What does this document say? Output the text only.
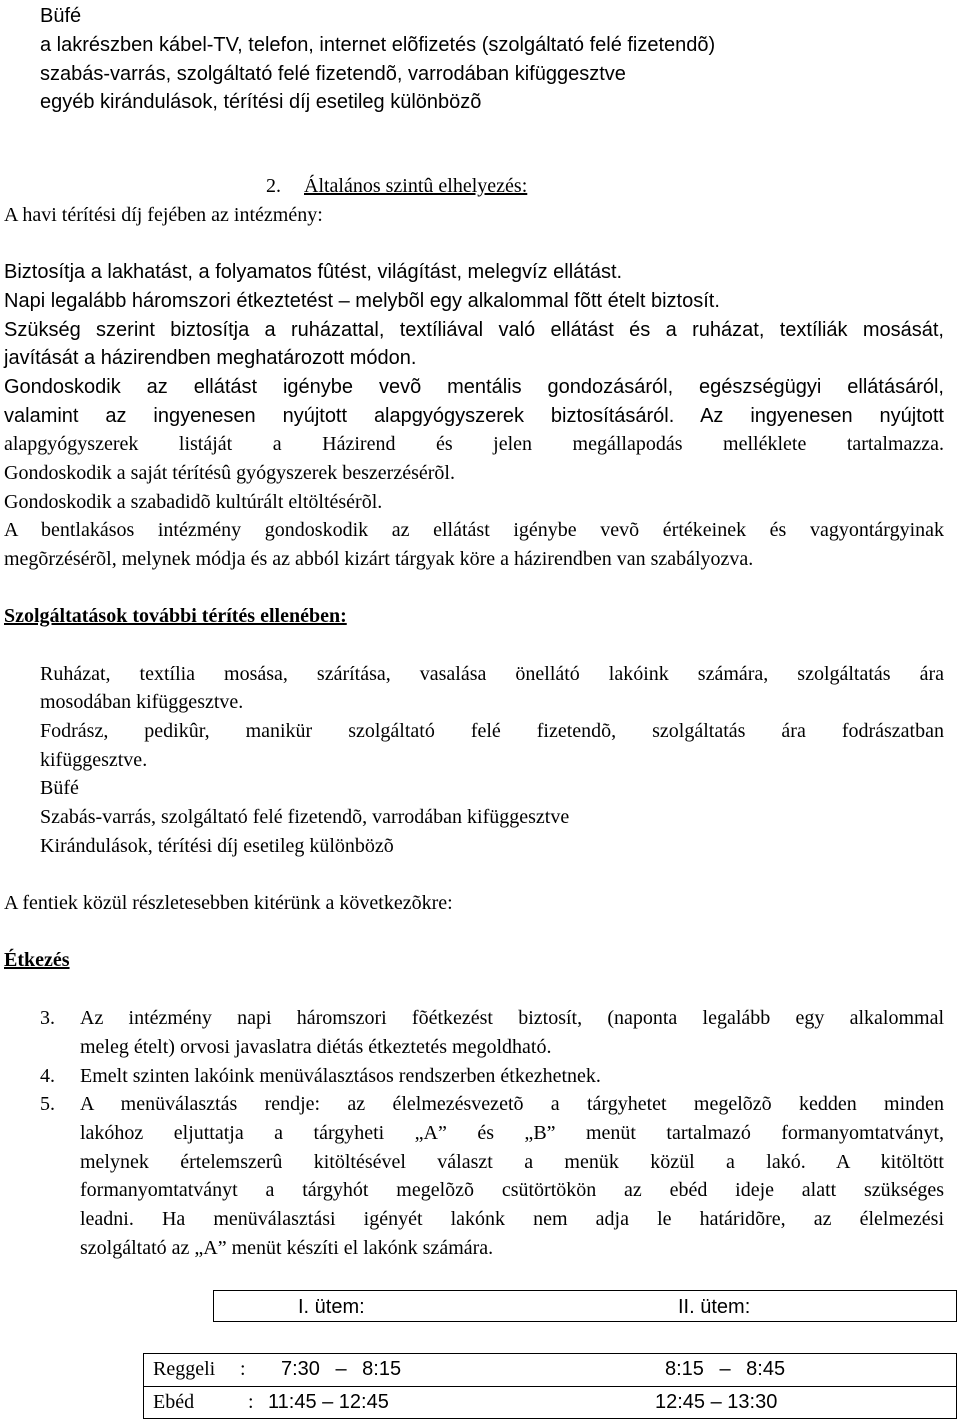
Büfé
a lakrészben kábel-TV, telefon, internet elõfizetés (szolgáltató felé fizetendõ)
szabás-varrás, szolgáltató felé fizetendõ, varrodában kifüggesztve
egyéb kirándulások, térítési díj esetileg különbözõ
2. Általános szintû elhelyezés:
A havi térítési díj fejében az intézmény:
Biztosítja a lakhatást, a folyamatos fûtést, világítást, melegvíz ellátást.
Napi legalább háromszori étkeztetést – melybõl egy alkalommal fõtt ételt biztosít.
Szükség szerint biztosítja a ruházattal, textíliával való ellátást és a ruházat, textíliák mosását,
javítását a házirendben meghatározott módon.
Gondoskodik az ellátást igénybe vevõ mentális gondozásáról, egészségügyi ellátásáról,
valamint az ingyenesen nyújtott alapgyógyszerek biztosításáról. Az ingyenesen nyújtott
alapgyógyszerek listáját a Házirend és jelen megállapodás melléklete tartalmazza.
Gondoskodik a saját térítésû gyógyszerek beszerzésérõl.
Gondoskodik a szabadidõ kultúrált eltöltésérõl.
A bentlakásos intézmény gondoskodik az ellátást igénybe vevõ értékeinek és vagyontárgyinak
megõrzésérõl, melynek módja és az abból kizárt tárgyak köre a házirendben van szabályozva.
Szolgáltatások további térítés ellenében:
Ruházat, textília mosása, szárítása, vasalása önellátó lakóink számára, szolgáltatás ára
mosodában kifüggesztve.
Fodrász, pedikûr, manikür szolgáltató felé fizetendõ, szolgáltatás ára fodrászatban
kifüggesztve.
Büfé
Szabás-varrás, szolgáltató felé fizetendõ, varrodában kifüggesztve
Kirándulások, térítési díj esetileg különbözõ
A fentiek közül részletesebben kitérünk a következõkre:
Étkezés
3. Az intézmény napi háromszori fõétkezést biztosít, (naponta legalább egy alkalommal
meleg ételt) orvosi javaslatra diétás étkeztetés megoldható.
4. Emelt szinten lakóink menüválasztásos rendszerben étkezhetnek.
5. A menüválasztás rendje: az élelmezésvezetõ a tárgyhetet megelõzõ kedden minden
lakóhoz eljuttatja a tárgyheti „A” és „B” menüt tartalmazó formanyomtatványt,
melynek értelemszerû kitöltésével választ a menük közül a lakó. A kitöltött
formanyomtatványt a tárgyhót megelõzõ csütörtökön az ebéd ideje alatt szükséges
leadni. Ha menüválasztási igényét lakónk nem adja le határidõre, az élelmezési
szolgáltató az „A” menüt készíti el lakónk számára.
I. ütem:	II. ütem:
Reggeli : 7:30 – 8:15	8:15 – 8:45
Ebéd	: 11:45 – 12:45	12:45 – 13:30
